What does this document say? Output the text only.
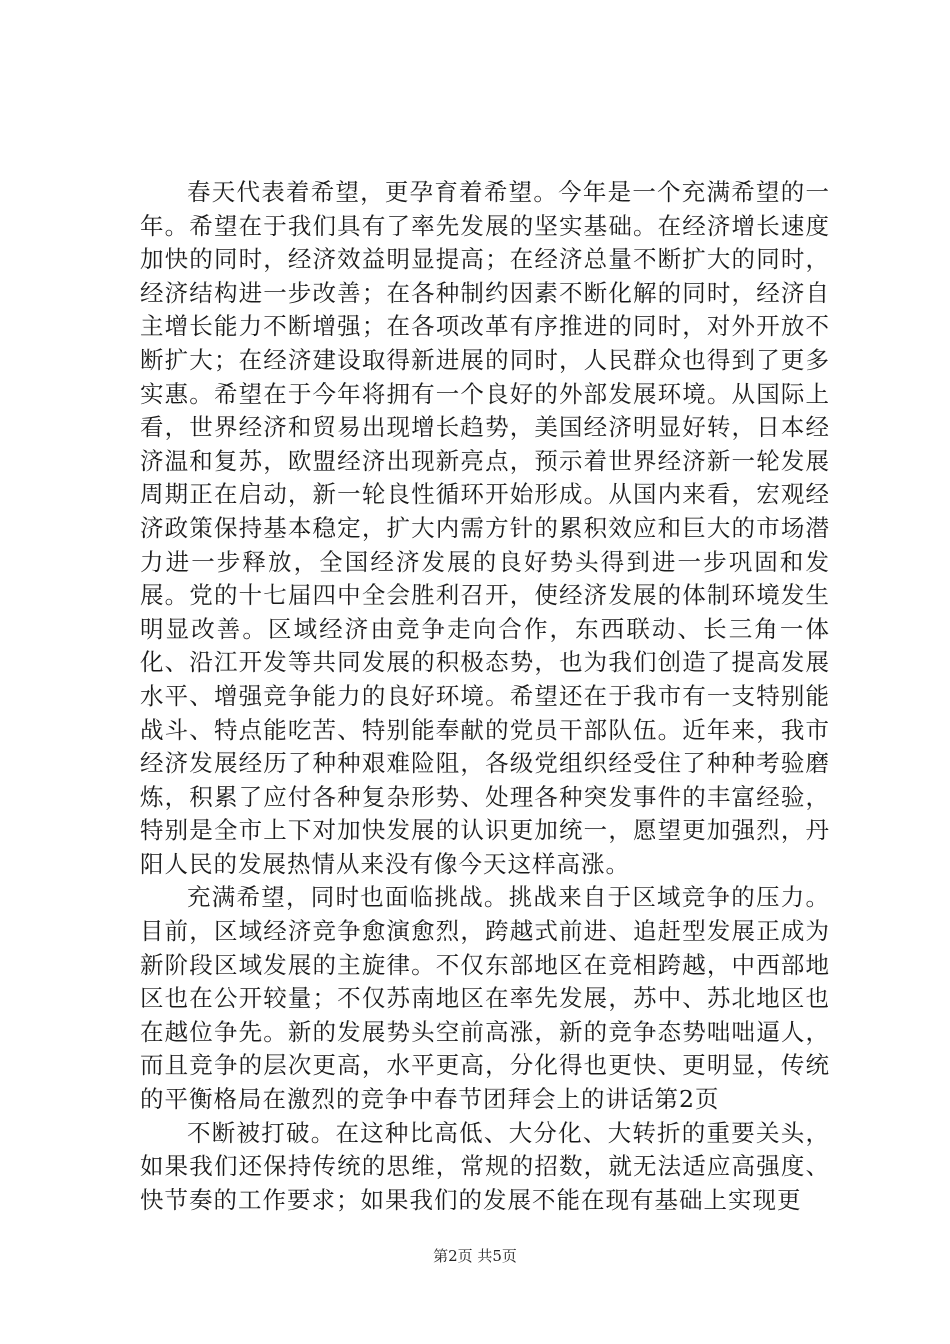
春天代表着希望，更孕育着希望。今年是一个充满希望的一年。希望在于我们具有了率先发展的坚实基础。在经济增长速度加快的同时，经济效益明显提高；在经济总量不断扩大的同时，经济结构进一步改善；在各种制约因素不断化解的同时，经济自主增长能力不断增强；在各项改革有序推进的同时，对外开放不断扩大；在经济建设取得新进展的同时，人民群众也得到了更多实惠。希望在于今年将拥有一个良好的外部发展环境。从国际上看，世界经济和贸易出现增长趋势，美国经济明显好转，日本经济温和复苏，欧盟经济出现新亮点，预示着世界经济新一轮发展周期正在启动，新一轮良性循环开始形成。从国内来看，宏观经济政策保持基本稳定，扩大内需方针的累积效应和巨大的市场潜力进一步释放，全国经济发展的良好势头得到进一步巩固和发展。党的十七届四中全会胜利召开，使经济发展的体制环境发生明显改善。区域经济由竞争走向合作，东西联动、长三角一体化、沿江开发等共同发展的积极态势，也为我们创造了提高发展水平、增强竞争能力的良好环境。希望还在于我市有一支特别能战斗、特点能吃苦、特别能奉献的党员干部队伍。近年来，我市经济发展经历了种种艰难险阻，各级党组织经受住了种种考验磨炼，积累了应付各种复杂形势、处理各种突发事件的丰富经验，特别是全市上下对加快发展的认识更加统一，愿望更加强烈，丹阳人民的发展热情从来没有像今天这样高涨。

充满希望，同时也面临挑战。挑战来自于区域竞争的压力。目前，区域经济竞争愈演愈烈，跨越式前进、追赶型发展正成为新阶段区域发展的主旋律。不仅东部地区在竞相跨越，中西部地区也在公开较量；不仅苏南地区在率先发展，苏中、苏北地区也在越位争先。新的发展势头空前高涨，新的竞争态势咄咄逼人，而且竞争的层次更高，水平更高，分化得也更快、更明显，传统的平衡格局在激烈的竞争中春节团拜会上的讲话第2页

不断被打破。在这种比高低、大分化、大转折的重要关头，如果我们还保持传统的思维，常规的招数，就无法适应高强度、快节奏的工作要求；如果我们的发展不能在现有基础上实现更

第2页 共5页
